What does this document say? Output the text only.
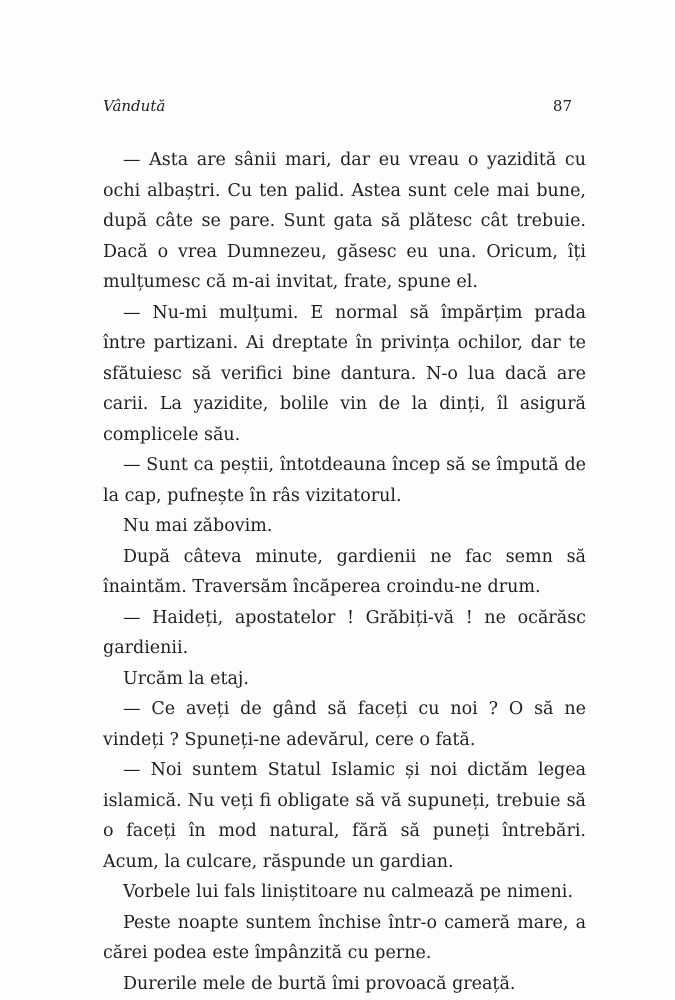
Vândută	87

— Asta are sânii mari, dar eu vreau o yazidită cu ochi albaștri. Cu ten palid. Astea sunt cele mai bune, după câte se pare. Sunt gata să plătesc cât trebuie. Dacă o vrea Dumnezeu, găsesc eu una. Oricum, îți mulțumesc că m-ai invitat, frate, spune el.

— Nu-mi mulțumi. E normal să împărțim prada între partizani. Ai dreptate în privința ochilor, dar te sfătuiesc să verifici bine dantura. N-o lua dacă are carii. La yazidite, bolile vin de la dinți, îl asigură complicele său.

— Sunt ca peștii, întotdeauna încep să se împută de la cap, pufnește în râs vizitatorul.

Nu mai zăbovim.

După câteva minute, gardienii ne fac semn să înaintăm. Traversăm încăperea croindu-ne drum.

— Haideți, apostatelor ! Grăbiți-vă ! ne ocărăsc gardienii.

Urcăm la etaj.

— Ce aveți de gând să faceți cu noi ? O să ne vindeți ? Spuneți-ne adevărul, cere o fată.

— Noi suntem Statul Islamic și noi dictăm legea islamică. Nu veți fi obligate să vă supuneți, trebuie să o faceți în mod natural, fără să puneți întrebări. Acum, la culcare, răspunde un gardian.

Vorbele lui fals liniștitoare nu calmează pe nimeni.

Peste noapte suntem închise într-o cameră mare, a cărei podea este împânzită cu perne.

Durerile mele de burtă îmi provoacă greață.
